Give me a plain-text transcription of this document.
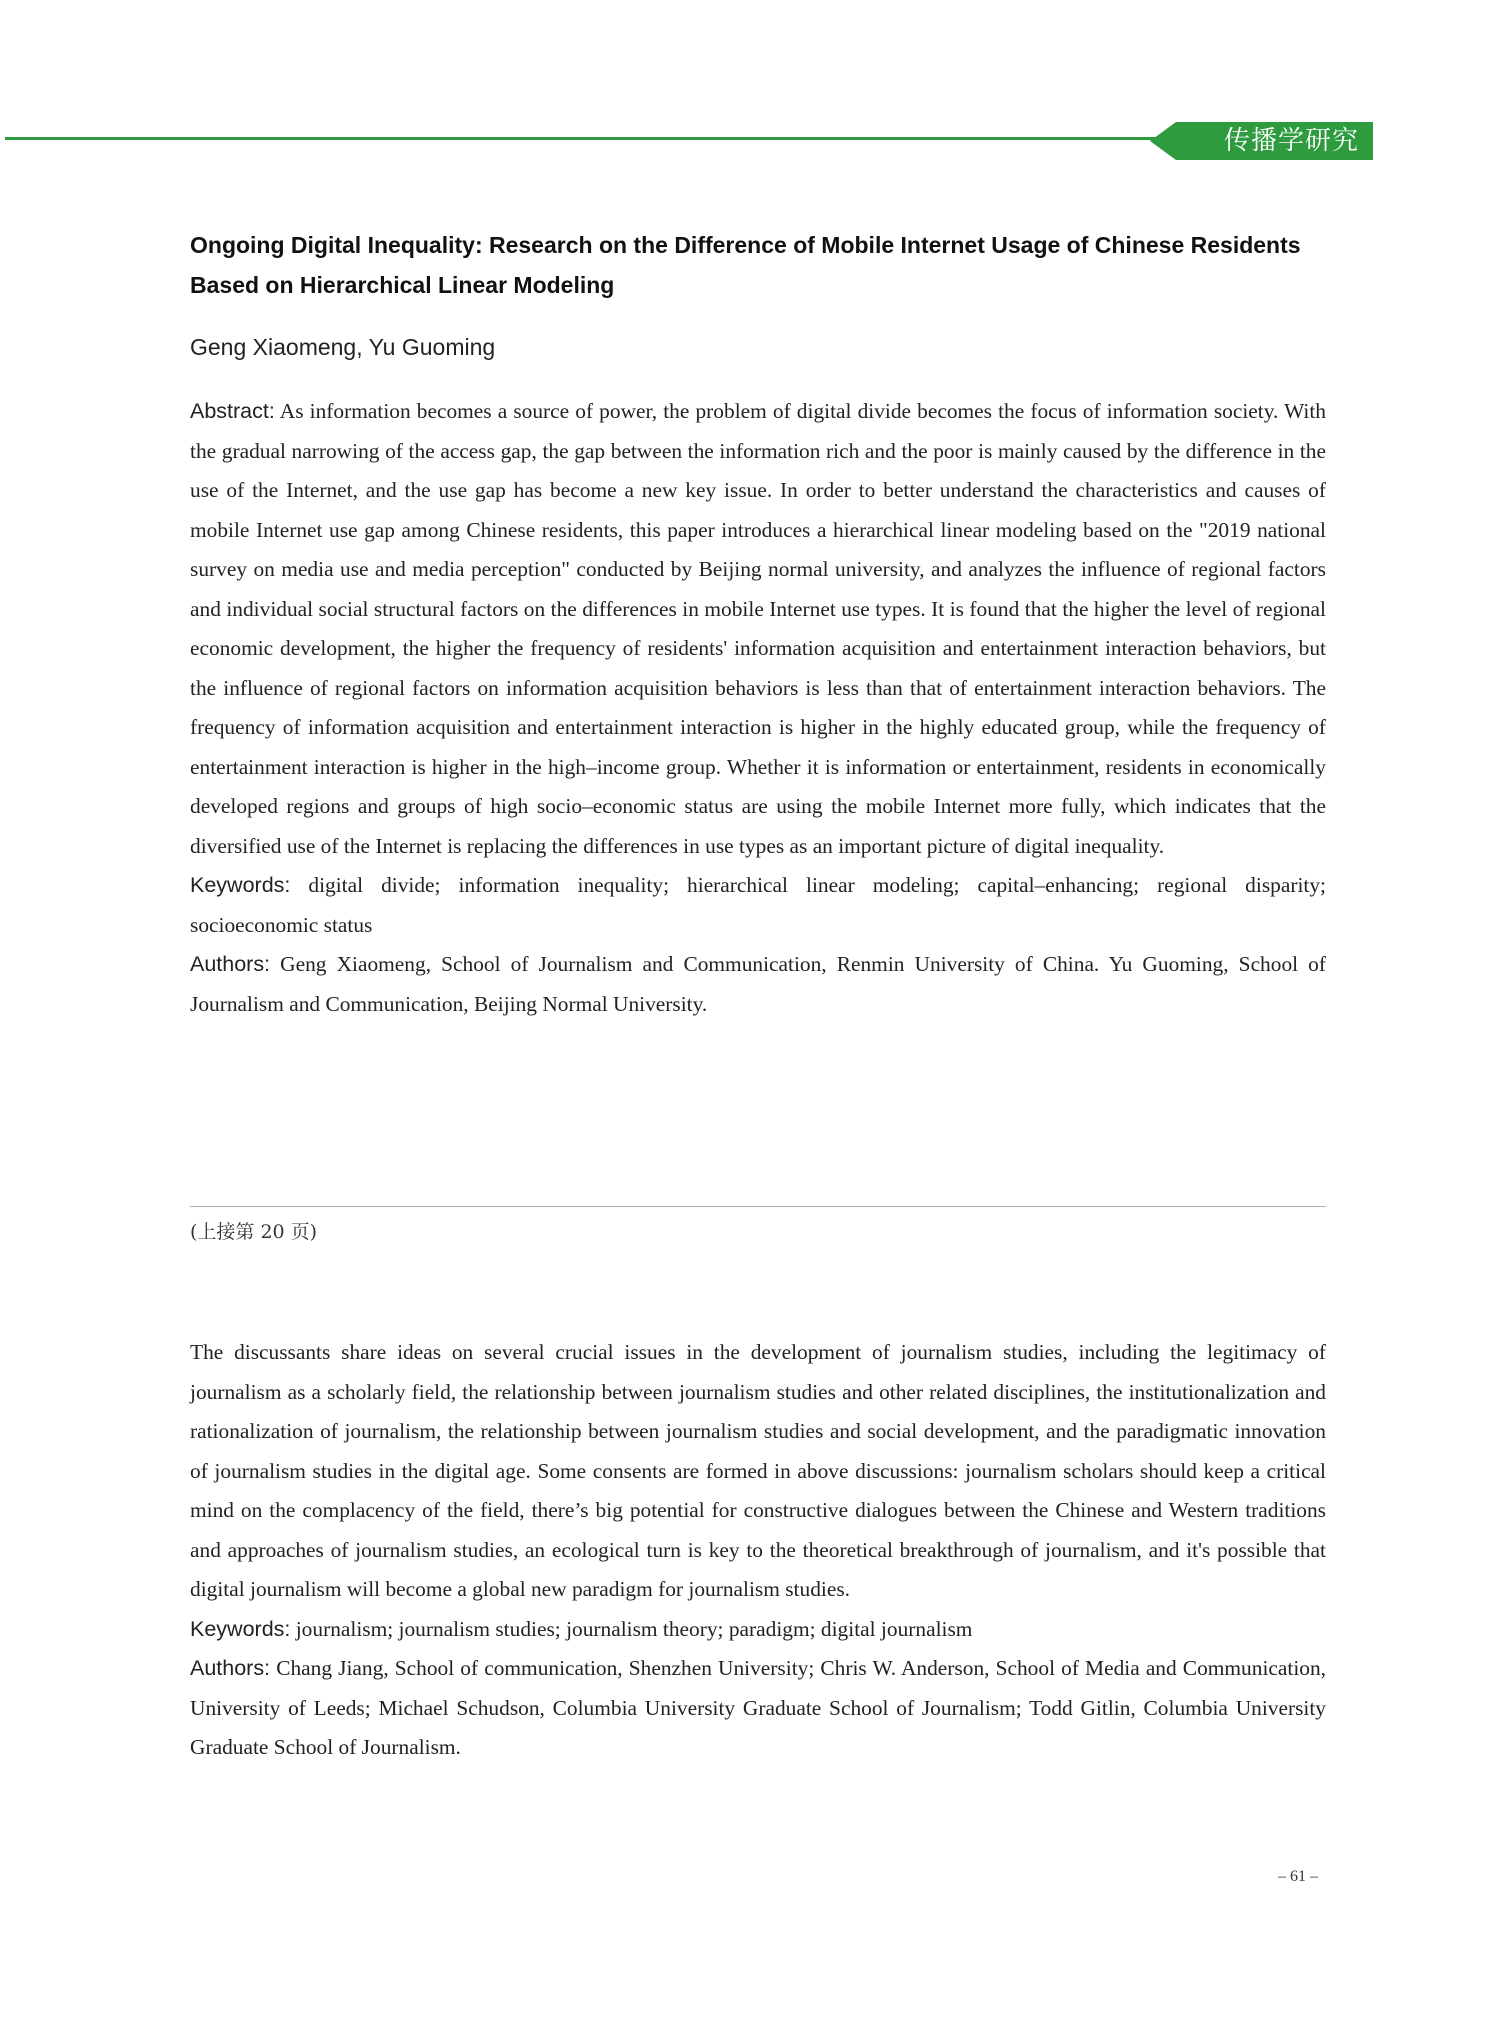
传播学研究
Ongoing Digital Inequality: Research on the Difference of Mobile Internet Usage of Chinese Residents Based on Hierarchical Linear Modeling
Geng Xiaomeng, Yu Guoming

Abstract: As information becomes a source of power, the problem of digital divide becomes the focus of information society. With the gradual narrowing of the access gap, the gap between the information rich and the poor is mainly caused by the difference in the use of the Internet, and the use gap has become a new key issue. In order to better understand the characteristics and causes of mobile Internet use gap among Chinese residents, this paper introduces a hierarchical linear modeling based on the "2019 national survey on media use and media perception" conducted by Beijing normal university, and analyzes the influence of regional factors and individual social structural factors on the differences in mobile Internet use types. It is found that the higher the level of regional economic development, the higher the frequency of residents' information acquisition and entertainment interaction behaviors, but the influence of regional factors on information acquisition behaviors is less than that of entertainment interaction behaviors. The frequency of information acquisition and entertainment interaction is higher in the highly educated group, while the frequency of entertainment interaction is higher in the high–income group. Whether it is information or entertainment, residents in economically developed regions and groups of high socio–economic status are using the mobile Internet more fully, which indicates that the diversified use of the Internet is replacing the differences in use types as an important picture of digital inequality.

Keywords: digital divide; information inequality; hierarchical linear modeling; capital–enhancing; regional disparity; socioeconomic status

Authors: Geng Xiaomeng, School of Journalism and Communication, Renmin University of China. Yu Guoming, School of Journalism and Communication, Beijing Normal University.

(上接第 20 页)

The discussants share ideas on several crucial issues in the development of journalism studies, including the legitimacy of journalism as a scholarly field, the relationship between journalism studies and other related disciplines, the institutionalization and rationalization of journalism, the relationship between journalism studies and social development, and the paradigmatic innovation of journalism studies in the digital age. Some consents are formed in above discussions: journalism scholars should keep a critical mind on the complacency of the field, there’s big potential for constructive dialogues between the Chinese and Western traditions and approaches of journalism studies, an ecological turn is key to the theoretical breakthrough of journalism, and it's possible that digital journalism will become a global new paradigm for journalism studies.

Keywords: journalism; journalism studies; journalism theory; paradigm; digital journalism

Authors: Chang Jiang, School of communication, Shenzhen University; Chris W. Anderson, School of Media and Communication, University of Leeds; Michael Schudson, Columbia University Graduate School of Journalism; Todd Gitlin, Columbia University Graduate School of Journalism.

– 61 –
